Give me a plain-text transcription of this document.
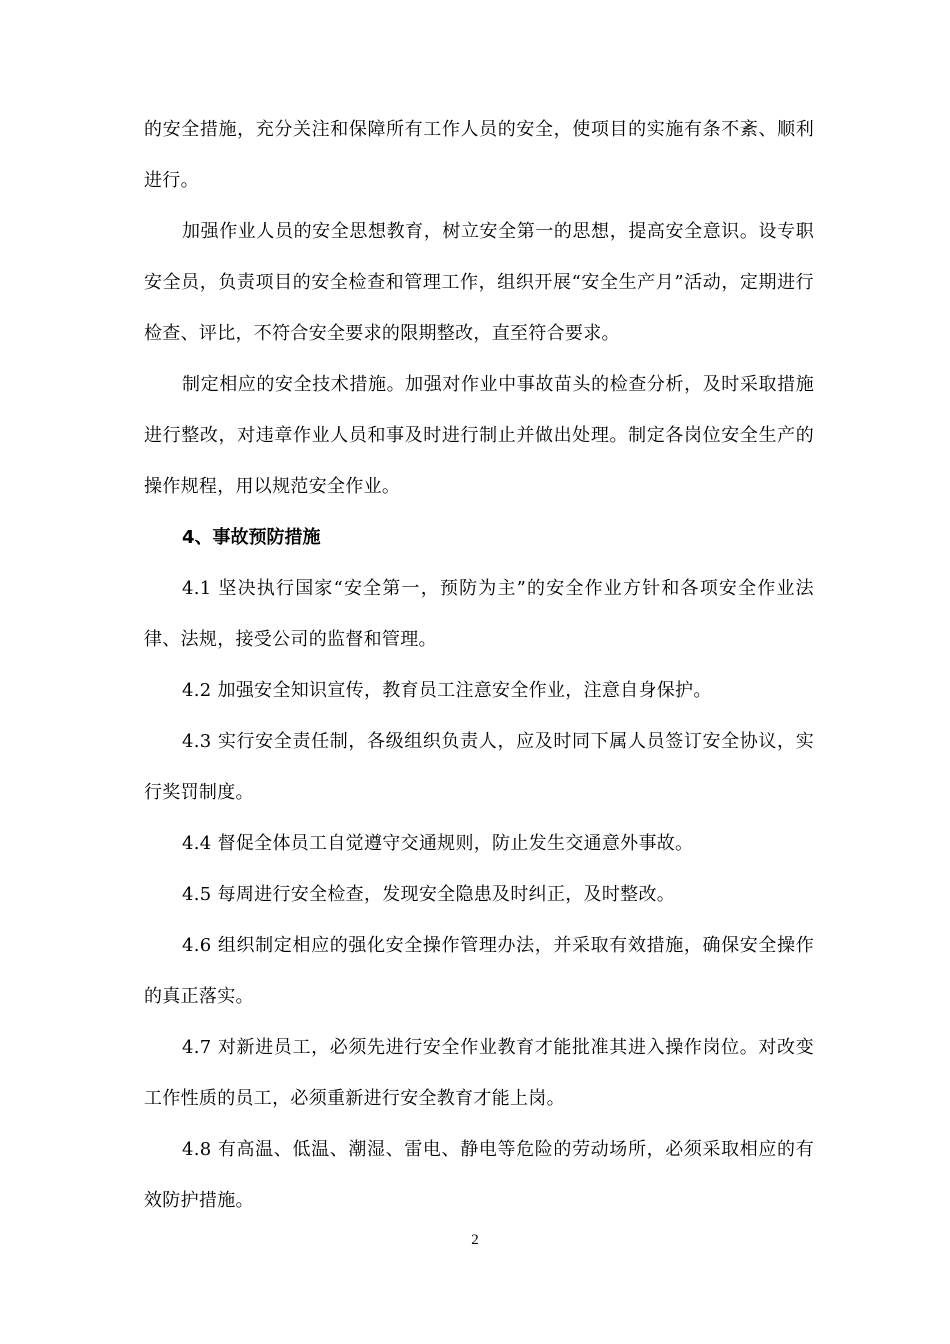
的安全措施，充分关注和保障所有工作人员的安全，使项目的实施有条不紊、顺利进行。

加强作业人员的安全思想教育，树立安全第一的思想，提高安全意识。设专职安全员，负责项目的安全检查和管理工作，组织开展“安全生产月”活动，定期进行检查、评比，不符合安全要求的限期整改，直至符合要求。

制定相应的安全技术措施。加强对作业中事故苗头的检查分析，及时采取措施进行整改，对违章作业人员和事及时进行制止并做出处理。制定各岗位安全生产的操作规程，用以规范安全作业。

4、事故预防措施

4.1 坚决执行国家“安全第一，预防为主”的安全作业方针和各项安全作业法律、法规，接受公司的监督和管理。

4.2 加强安全知识宣传，教育员工注意安全作业，注意自身保护。

4.3 实行安全责任制，各级组织负责人，应及时同下属人员签订安全协议，实行奖罚制度。

4.4 督促全体员工自觉遵守交通规则，防止发生交通意外事故。

4.5 每周进行安全检查，发现安全隐患及时纠正，及时整改。

4.6 组织制定相应的强化安全操作管理办法，并采取有效措施，确保安全操作的真正落实。

4.7 对新进员工，必须先进行安全作业教育才能批准其进入操作岗位。对改变工作性质的员工，必须重新进行安全教育才能上岗。

4.8 有高温、低温、潮湿、雷电、静电等危险的劳动场所，必须采取相应的有效防护措施。

2
